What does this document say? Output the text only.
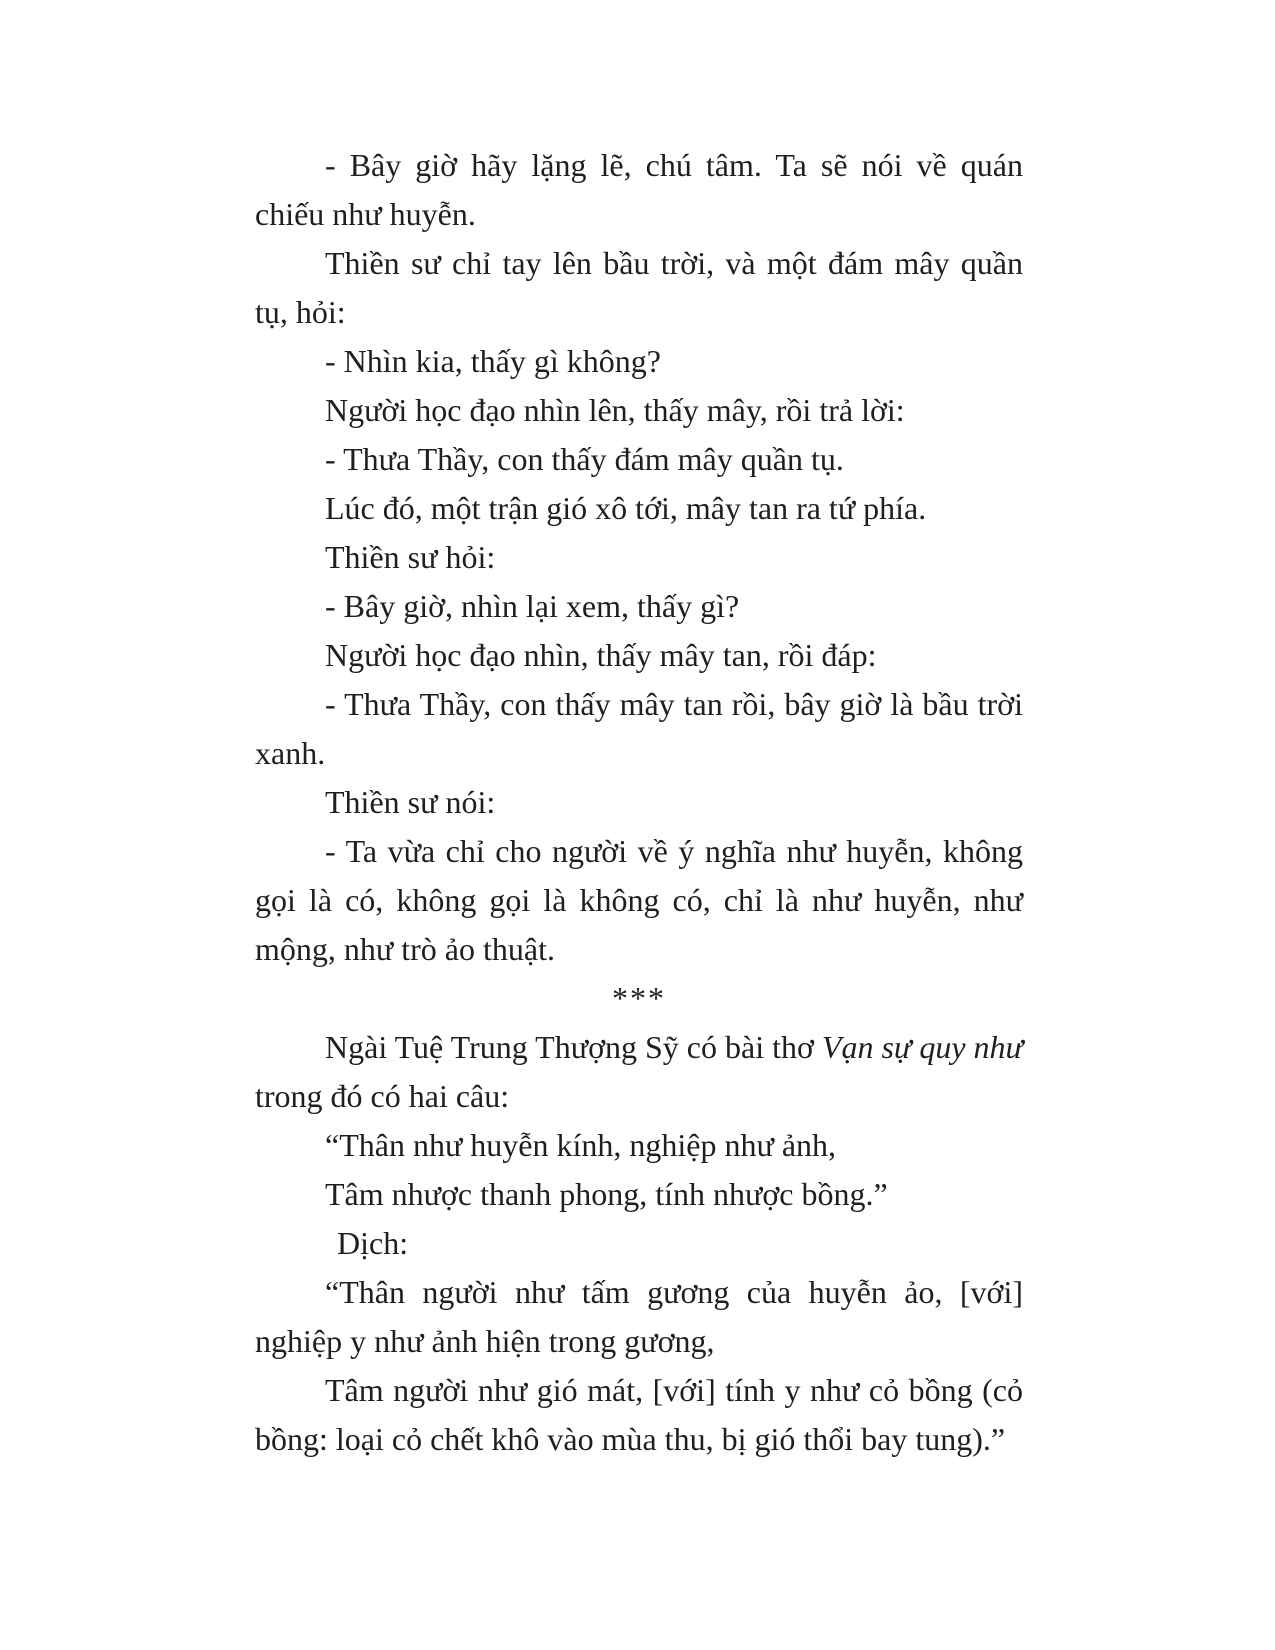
- Bây giờ hãy lặng lẽ, chú tâm. Ta sẽ nói về quán chiếu như huyễn.

Thiền sư chỉ tay lên bầu trời, và một đám mây quần tụ, hỏi:

- Nhìn kia, thấy gì không?

Người học đạo nhìn lên, thấy mây, rồi trả lời:

- Thưa Thầy, con thấy đám mây quần tụ.

Lúc đó, một trận gió xô tới, mây tan ra tứ phía.

Thiền sư hỏi:

- Bây giờ, nhìn lại xem, thấy gì?

Người học đạo nhìn, thấy mây tan, rồi đáp:

- Thưa Thầy, con thấy mây tan rồi, bây giờ là bầu trời xanh.

Thiền sư nói:

- Ta vừa chỉ cho người về ý nghĩa như huyễn, không gọi là có, không gọi là không có, chỉ là như huyễn, như mộng, như trò ảo thuật.

***

Ngài Tuệ Trung Thượng Sỹ có bài thơ Vạn sự quy như trong đó có hai câu:

“Thân như huyễn kính, nghiệp như ảnh,

Tâm nhược thanh phong, tính nhược bồng.”

Dịch:

“Thân người như tấm gương của huyễn ảo, [với] nghiệp y như ảnh hiện trong gương,

Tâm người như gió mát, [với] tính y như cỏ bồng (cỏ bồng: loại cỏ chết khô vào mùa thu, bị gió thổi bay tung).”
